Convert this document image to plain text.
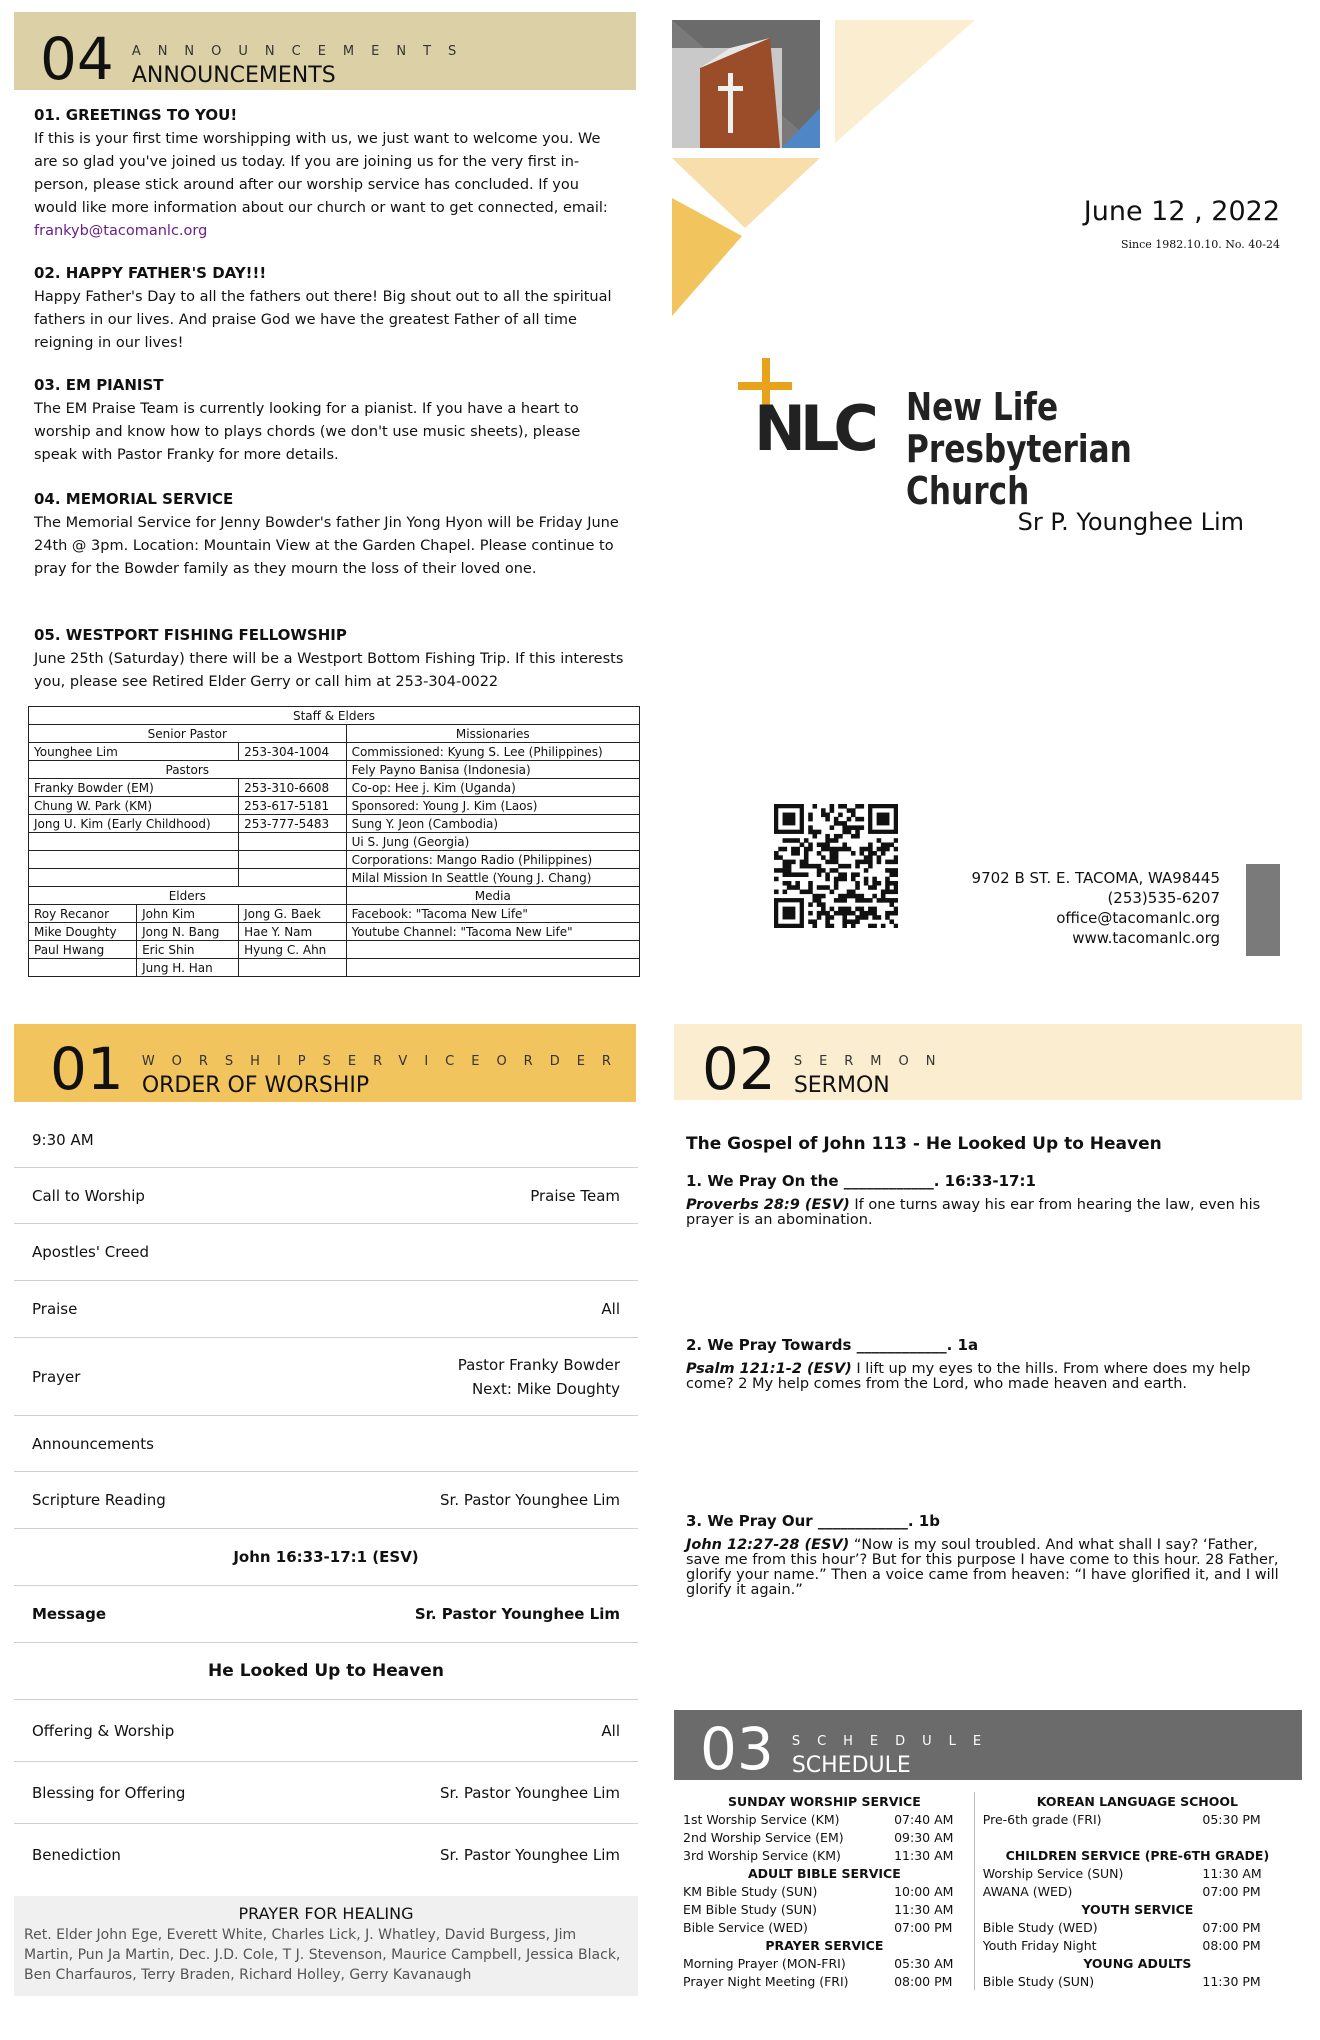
04 ANNOUNCEMENTS
ANNOUNCEMENTS
01. GREETINGS TO YOU!
If this is your first time worshipping with us, we just want to welcome you. We are so glad you've joined us today. If you are joining us for the very first in-person, please stick around after our worship service has concluded. If you would like more information about our church or want to get connected, email:
frankyb@tacomanlc.org
02. HAPPY FATHER'S DAY!!!
Happy Father's Day to all the fathers out there! Big shout out to all the spiritual fathers in our lives. And praise God we have the greatest Father of all time reigning in our lives!
03. EM PIANIST
The EM Praise Team is currently looking for a pianist. If you have a heart to worship and know how to plays chords (we don't use music sheets), please speak with Pastor Franky for more details.
04. MEMORIAL SERVICE
The Memorial Service for Jenny Bowder's father Jin Yong Hyon will be Friday June 24th @ 3pm. Location: Mountain View at the Garden Chapel. Please continue to pray for the Bowder family as they mourn the loss of their loved one.
05. WESTPORT FISHING FELLOWSHIP
June 25th (Saturday) there will be a Westport Bottom Fishing Trip. If this interests you, please see Retired Elder Gerry or call him at 253-304-0022
Staff & Elders			
Senior Pastor			Missionaries
Younghee Lim		253-304-1004	Commissioned: Kyung S. Lee (Philippines)
Pastors			Fely Payno Banisa (Indonesia)
Franky Bowder (EM)		253-310-6608	Co-op: Hee j. Kim (Uganda)
Chung W. Park (KM)		253-617-5181	Sponsored: Young J. Kim (Laos)
Jong U. Kim (Early Childhood)		253-777-5483	Sung Y. Jeon (Cambodia)
			Ui S. Jung (Georgia)
			Corporations: Mango Radio (Philippines)
			Milal Mission In Seattle (Young J. Chang)
Elders			Media
Roy Recanor	John Kim	Jong G. Baek	Facebook: "Tacoma New Life"
Mike Doughty	Jong N. Bang	Hae Y. Nam	Youtube Channel: "Tacoma New Life"
Paul Hwang	Eric Shin	Hyung C. Ahn	
	Jung H. Han		
June 12 , 2022
Since 1982.10.10. No. 40-24
NLC New Life
Presbyterian Church
Sr P. Younghee Lim
9702 B ST. E. TACOMA, WA98445
(253)535-6207
office@tacomanlc.org
www.tacomanlc.org
01 WORSHIPSERVICEORDER
ORDER OF WORSHIP
9:30 AM
Call to Worship	Praise Team
Apostles' Creed
Praise	All
Prayer
Pastor Franky Bowder
Next: Mike Doughty
Announcements
Scripture Reading	Sr. Pastor Younghee Lim
John 16:33-17:1 (ESV)
Message	Sr. Pastor Younghee Lim
He Looked Up to Heaven
Offering & Worship	All
Blessing for Offering	Sr. Pastor Younghee Lim
Benediction	Sr. Pastor Younghee Lim
PRAYER FOR HEALING
Ret. Elder John Ege, Everett White, Charles Lick, J. Whatley, David Burgess, Jim Martin, Pun Ja Martin, Dec. J.D. Cole, T J. Stevenson, Maurice Campbell, Jessica Black, Ben Charfauros, Terry Braden, Richard Holley, Gerry Kavanaugh
02 SERMON
SERMON
The Gospel of John 113 - He Looked Up to Heaven
1. We Pray On the ____________. 16:33-17:1
Proverbs 28:9 (ESV) If one turns away his ear from hearing the law, even his prayer is an abomination.
2. We Pray Towards ____________. 1a
Psalm 121:1-2 (ESV) I lift up my eyes to the hills. From where does my help come? 2 My help comes from the Lord, who made heaven and earth.
3. We Pray Our ____________. 1b
John 12:27-28 (ESV) “Now is my soul troubled. And what shall I say? ‘Father, save me from this hour’? But for this purpose I have come to this hour. 28 Father, glorify your name.” Then a voice came from heaven: “I have glorified it, and I will glorify it again.”
03 SCHEDULE
SCHEDULE
SUNDAY WORSHIP SERVICE		KOREAN LANGUAGE SCHOOL	
1st Worship Service (KM)	07:40 AM	Pre-6th grade (FRI)	05:30 PM
2nd Worship Service (EM)	09:30 AM		
3rd Worship Service (KM)	11:30 AM	CHILDREN SERVICE (PRE-6TH GRADE)	
ADULT BIBLE SERVICE		Worship Service (SUN)	11:30 AM
KM Bible Study (SUN)	10:00 AM	AWANA (WED)	07:00 PM
EM Bible Study (SUN)	11:30 AM	YOUTH SERVICE	
Bible Service (WED)	07:00 PM	Bible Study (WED)	07:00 PM
PRAYER SERVICE		Youth Friday Night	08:00 PM
Morning Prayer (MON-FRI)	05:30 AM	YOUNG ADULTS	
Prayer Night Meeting (FRI)	08:00 PM	Bible Study (SUN)	11:30 PM
